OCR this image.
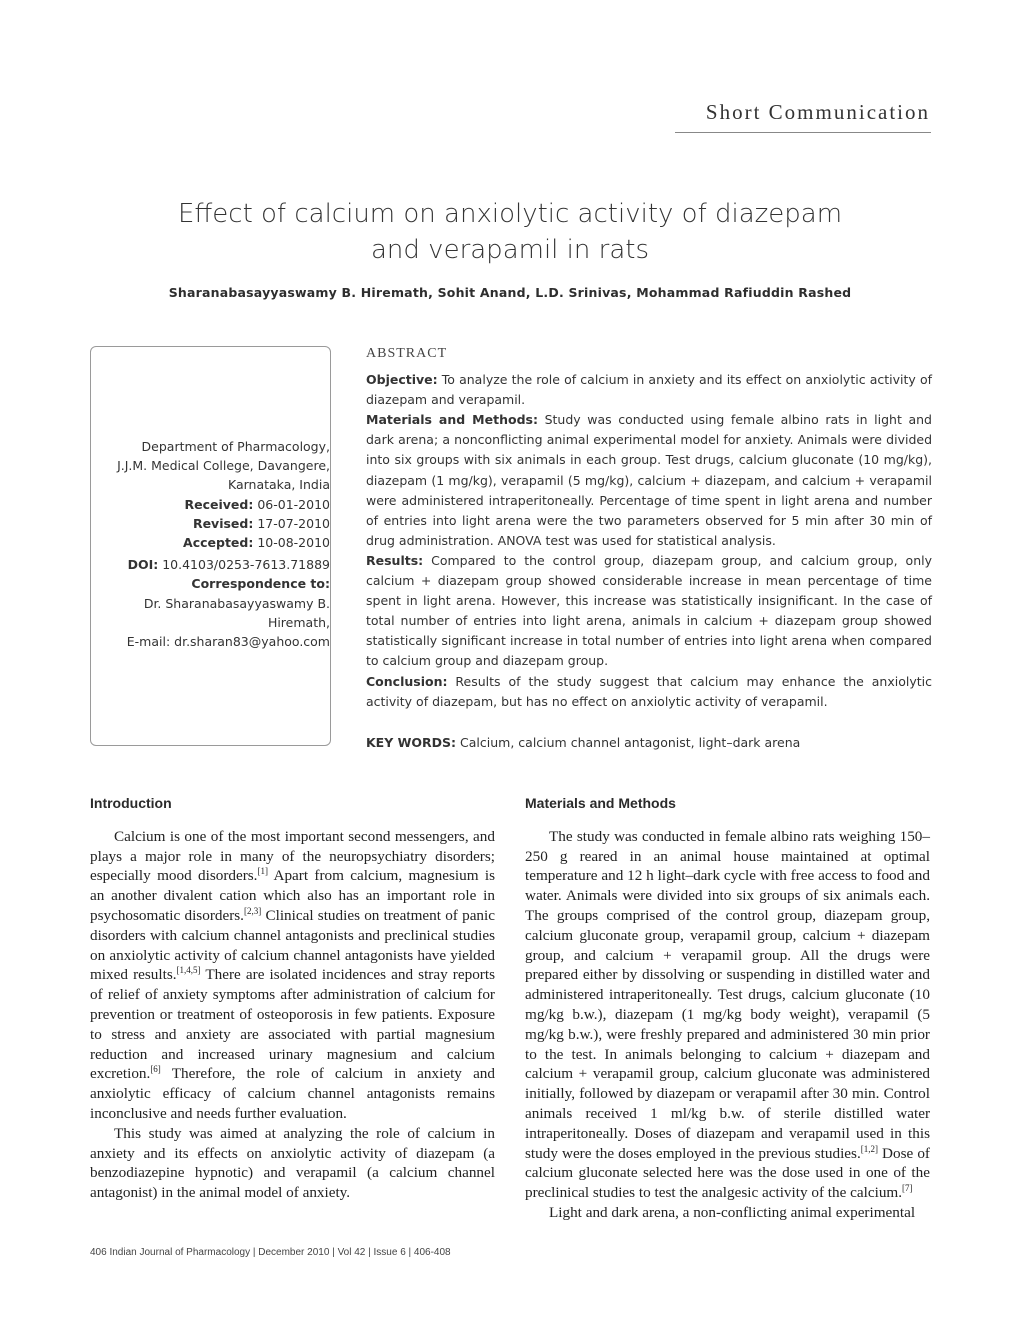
Short Communication
Effect of calcium on anxiolytic activity of diazepam
and verapamil in rats
Sharanabasayyaswamy B. Hiremath, Sohit Anand, L.D. Srinivas, Mohammad Rafiuddin Rashed
Department of Pharmacology,
J.J.M. Medical College, Davangere,
Karnataka, India
Received: 06-01-2010
Revised: 17-07-2010
Accepted: 10-08-2010
DOI: 10.4103/0253-7613.71889
Correspondence to:
Dr. Sharanabasayyaswamy B.
Hiremath,
E-mail: dr.sharan83@yahoo.com
ABSTRACT

Objective: To analyze the role of calcium in anxiety and its effect on anxiolytic activity of diazepam and verapamil.

Materials and Methods: Study was conducted using female albino rats in light and dark arena; a nonconflicting animal experimental model for anxiety. Animals were divided into six groups with six animals in each group. Test drugs, calcium gluconate (10 mg/kg), diazepam (1 mg/kg), verapamil (5 mg/kg), calcium + diazepam, and calcium + verapamil were administered intraperitoneally. Percentage of time spent in light arena and number of entries into light arena were the two parameters observed for 5 min after 30 min of drug administration. ANOVA test was used for statistical analysis.

Results: Compared to the control group, diazepam group, and calcium group, only calcium + diazepam group showed considerable increase in mean percentage of time spent in light arena. However, this increase was statistically insignificant. In the case of total number of entries into light arena, animals in calcium + diazepam group showed statistically significant increase in total number of entries into light arena when compared to calcium group and diazepam group.

Conclusion: Results of the study suggest that calcium may enhance the anxiolytic activity of diazepam, but has no effect on anxiolytic activity of verapamil.

KEY WORDS: Calcium, calcium channel antagonist, light–dark arena
Introduction

Calcium is one of the most important second messengers, and plays a major role in many of the neuropsychiatry disorders; especially mood disorders.[1] Apart from calcium, magnesium is an another divalent cation which also has an important role in psychosomatic disorders.[2,3] Clinical studies on treatment of panic disorders with calcium channel antagonists and preclinical studies on anxiolytic activity of calcium channel antagonists have yielded mixed results.[1,4,5] There are isolated incidences and stray reports of relief of anxiety symptoms after administration of calcium for prevention or treatment of osteoporosis in few patients. Exposure to stress and anxiety are associated with partial magnesium reduction and increased urinary magnesium and calcium excretion.[6] Therefore, the role of calcium in anxiety and anxiolytic efficacy of calcium channel antagonists remains inconclusive and needs further evaluation.

This study was aimed at analyzing the role of calcium in anxiety and its effects on anxiolytic activity of diazepam (a benzodiazepine hypnotic) and verapamil (a calcium channel antagonist) in the animal model of anxiety.

Materials and Methods

The study was conducted in female albino rats weighing 150–250 g reared in an animal house maintained at optimal temperature and 12 h light–dark cycle with free access to food and water. Animals were divided into six groups of six animals each. The groups comprised of the control group, diazepam group, calcium gluconate group, verapamil group, calcium + diazepam group, and calcium + verapamil group. All the drugs were prepared either by dissolving or suspending in distilled water and administered intraperitoneally. Test drugs, calcium gluconate (10 mg/kg b.w.), diazepam (1 mg/kg body weight), verapamil (5 mg/kg b.w.), were freshly prepared and administered 30 min prior to the test. In animals belonging to calcium + diazepam and calcium + verapamil group, calcium gluconate was administered initially, followed by diazepam or verapamil after 30 min. Control animals received 1 ml/kg b.w. of sterile distilled water intraperitoneally. Doses of diazepam and verapamil used in this study were the doses employed in the previous studies.[1,2] Dose of calcium gluconate selected here was the dose used in one of the preclinical studies to test the analgesic activity of the calcium.[7]

Light and dark arena, a non-conflicting animal experimental

406 Indian Journal of Pharmacology | December 2010 | Vol 42 | Issue 6 | 406-408
